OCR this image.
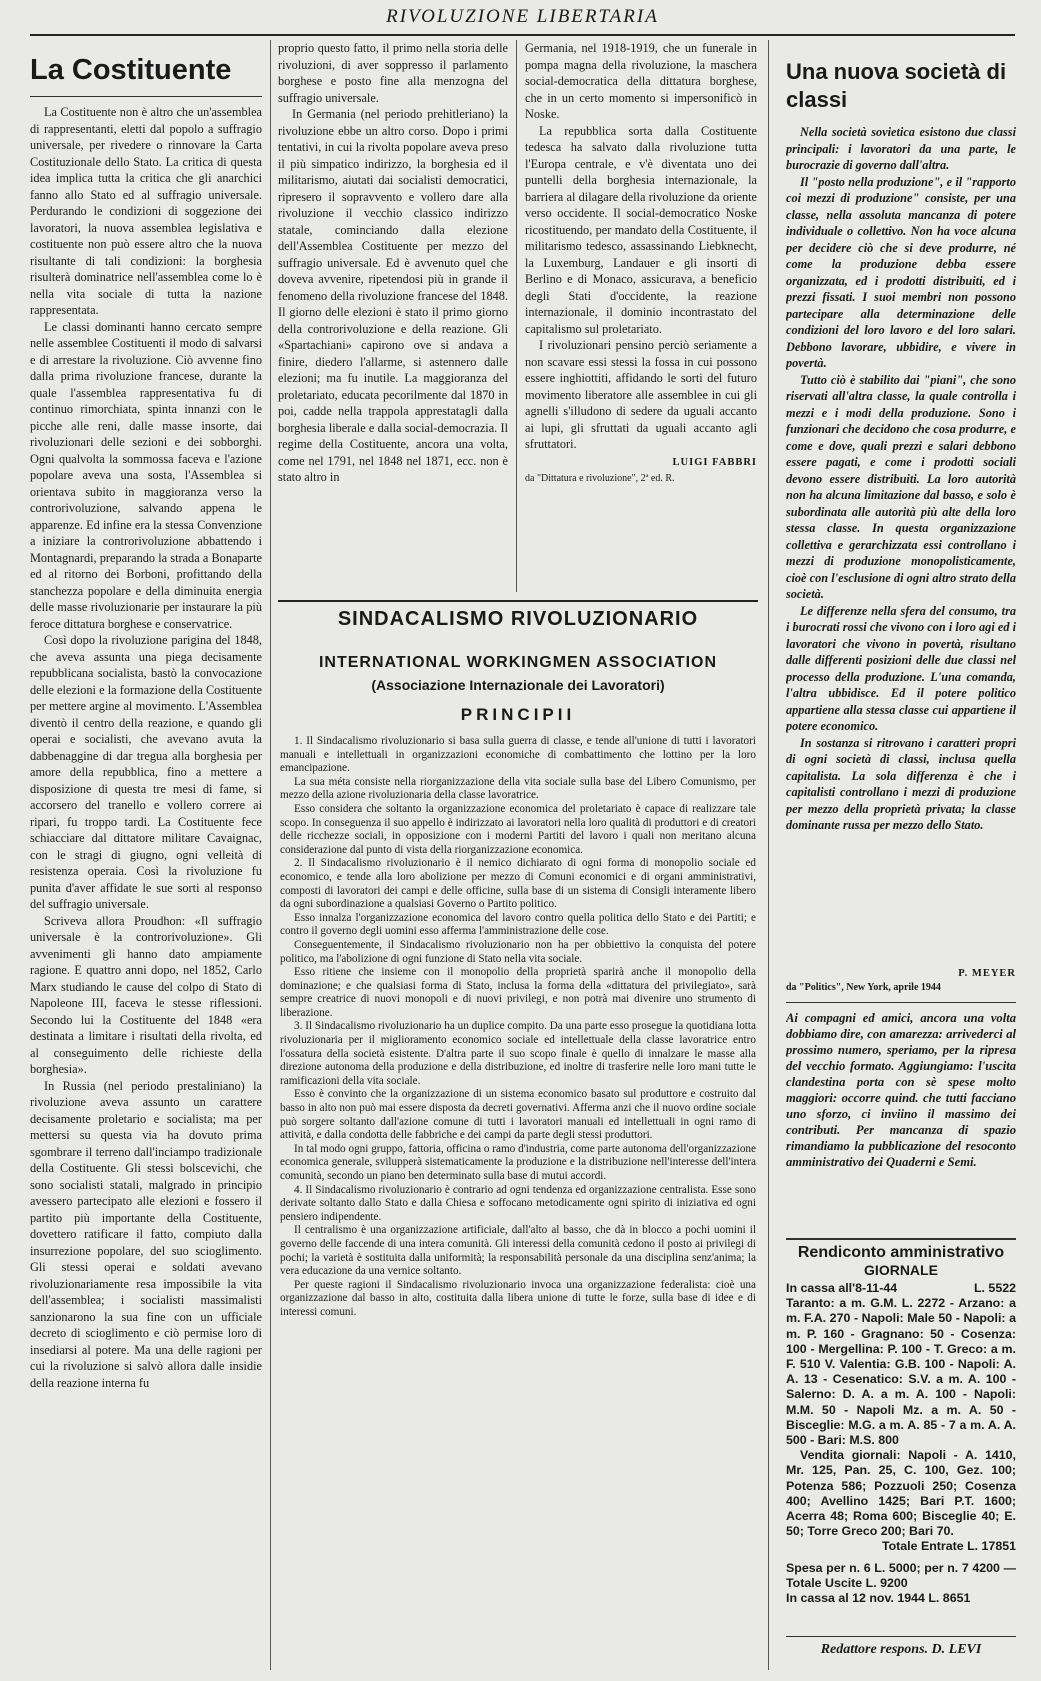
RIVOLUZIONE LIBERTARIA
La Costituente

La Costituente non è altro che un'assemblea di rappresentanti, eletti dal popolo a suffragio universale, per rivedere o rinnovare la Carta Costituzionale dello Stato. La critica di questa idea implica tutta la critica che gli anarchici fanno allo Stato ed al suffragio universale. Perdurando le condizioni di soggezione dei lavoratori, la nuova assemblea legislativa e costituente non può essere altro che la nuova risultante di tali condizioni: la borghesia risulterà dominatrice nell'assemblea come lo è nella vita sociale di tutta la nazione rappresentata.

Le classi dominanti hanno cercato sempre nelle assemblee Costituenti il modo di salvarsi e di arrestare la rivoluzione. Ciò avvenne fino dalla prima rivoluzione francese, durante la quale l'assemblea rappresentativa fu di continuo rimorchiata, spinta innanzi con le picche alle reni, dalle masse insorte, dai rivoluzionari delle sezioni e dei sobborghi. Ogni qualvolta la sommossa faceva e l'azione popolare aveva una sosta, l'Assemblea si orientava subito in maggioranza verso la controrivoluzione, salvando appena le apparenze. Ed infine era la stessa Convenzione a iniziare la controrivoluzione abbattendo i Montagnardi, preparando la strada a Bonaparte ed al ritorno dei Borboni, profittando della stanchezza popolare e della diminuita energia delle masse rivoluzionarie per instaurare la più feroce dittatura borghese e conservatrice.

Così dopo la rivoluzione parigina del 1848, che aveva assunta una piega decisamente repubblicana socialista, bastò la convocazione delle elezioni e la formazione della Costituente per mettere argine al movimento. L'Assemblea diventò il centro della reazione, e quando gli operai e socialisti, che avevano avuta la dabbenaggine di dar tregua alla borghesia per amore della repubblica, fino a mettere a disposizione di questa tre mesi di fame, si accorsero del tranello e vollero correre ai ripari, fu troppo tardi. La Costituente fece schiacciare dal dittatore militare Cavaignac, con le stragi di giugno, ogni velleità di resistenza operaia. Così la rivoluzione fu punita d'aver affidate le sue sorti al responso del suffragio universale.

Scriveva allora Proudhon: «Il suffragio universale è la controrivoluzione». Gli avvenimenti gli hanno dato ampiamente ragione. E quattro anni dopo, nel 1852, Carlo Marx studiando le cause del colpo di Stato di Napoleone III, faceva le stesse riflessioni. Secondo lui la Costituente del 1848 «era destinata a limitare i risultati della rivolta, ed al conseguimento delle richieste della borghesia».

In Russia (nel periodo prestaliniano) la rivoluzione aveva assunto un carattere decisamente proletario e socialista; ma per mettersi su questa via ha dovuto prima sgombrare il terreno dall'inciampo tradizionale della Costituente. Gli stessi bolscevichi, che sono socialisti statali, malgrado in principio avessero partecipato alle elezioni e fossero il partito più importante della Costituente, dovettero ratificare il fatto, compiuto dalla insurrezione popolare, del suo scioglimento. Gli stessi operai e soldati avevano rivoluzionariamente resa impossibile la vita dell'assemblea; i socialisti massimalisti sanzionarono la sua fine con un ufficiale decreto di scioglimento e ciò permise loro di insediarsi al potere. Ma una delle ragioni per cui la rivoluzione si salvò allora dalle insidie della reazione interna fu

proprio questo fatto, il primo nella storia delle rivoluzioni, di aver soppresso il parlamento borghese e posto fine alla menzogna del suffragio universale.

In Germania (nel periodo prehitleriano) la rivoluzione ebbe un altro corso. Dopo i primi tentativi, in cui la rivolta popolare aveva preso il più simpatico indirizzo, la borghesia ed il militarismo, aiutati dai socialisti democratici, ripresero il sopravvento e vollero dare alla rivoluzione il vecchio classico indirizzo statale, cominciando dalla elezione dell'Assemblea Costituente per mezzo del suffragio universale. Ed è avvenuto quel che doveva avvenire, ripetendosi più in grande il fenomeno della rivoluzione francese del 1848. Il giorno delle elezioni è stato il primo giorno della controrivoluzione e della reazione. Gli «Spartachiani» capirono ove si andava a finire, diedero l'allarme, si astennero dalle elezioni; ma fu inutile. La maggioranza del proletariato, educata pecorilmente dal 1870 in poi, cadde nella trappola apprestatagli dalla borghesia liberale e dalla social-democrazia. Il regime della Costituente, ancora una volta, come nel 1791, nel 1848 nel 1871, ecc. non è stato altro in

Germania, nel 1918-1919, che un funerale in pompa magna della rivoluzione, la maschera social-democratica della dittatura borghese, che in un certo momento si impersonificò in Noske.

La repubblica sorta dalla Costituente tedesca ha salvato dalla rivoluzione tutta l'Europa centrale, e v'è diventata uno dei puntelli della borghesia internazionale, la barriera al dilagare della rivoluzione da oriente verso occidente. Il social-democratico Noske ricostituendo, per mandato della Costituente, il militarismo tedesco, assassinando Liebknecht, la Luxemburg, Landauer e gli insorti di Berlino e di Monaco, assicurava, a beneficio degli Stati d'occidente, la reazione internazionale, il dominio incontrastato del capitalismo sul proletariato.

I rivoluzionari pensino perciò seriamente a non scavare essi stessi la fossa in cui possono essere inghiottiti, affidando le sorti del futuro movimento liberatore alle assemblee in cui gli agnelli s'illudono di sedere da uguali accanto ai lupi, gli sfruttati da uguali accanto agli sfruttatori.

LUIGI FABBRI
da "Dittatura e rivoluzione", 2ª ed. R.
SINDACALISMO RIVOLUZIONARIO
INTERNATIONAL WORKINGMEN ASSOCIATION
(Associazione Internazionale dei Lavoratori)
PRINCIPII

1. Il Sindacalismo rivoluzionario si basa sulla guerra di classe, e tende all'unione di tutti i lavoratori manuali e intellettuali in organizzazioni economiche di combattimento che lottino per la loro emancipazione.

La sua méta consiste nella riorganizzazione della vita sociale sulla base del Libero Comunismo, per mezzo della azione rivoluzionaria della classe lavoratrice.

Esso considera che soltanto la organizzazione economica del proletariato è capace di realizzare tale scopo. In conseguenza il suo appello è indirizzato ai lavoratori nella loro qualità di produttori e di creatori delle ricchezze sociali, in opposizione con i moderni Partiti del lavoro i quali non meritano alcuna considerazione dal punto di vista della riorganizzazione economica.

2. Il Sindacalismo rivoluzionario è il nemico dichiarato di ogni forma di monopolio sociale ed economico, e tende alla loro abolizione per mezzo di Comuni economici e di organi amministrativi, composti di lavoratori dei campi e delle officine, sulla base di un sistema di Consigli interamente libero da ogni subordinazione a qualsiasi Governo o Partito politico.

Esso innalza l'organizzazione economica del lavoro contro quella politica dello Stato e dei Partiti; e contro il governo degli uomini esso afferma l'amministrazione delle cose.

Conseguentemente, il Sindacalismo rivoluzionario non ha per obbiettivo la conquista del potere politico, ma l'abolizione di ogni funzione di Stato nella vita sociale.

Esso ritiene che insieme con il monopolio della proprietà sparirà anche il monopolio della dominazione; e che qualsiasi forma di Stato, inclusa la forma della «dittatura del privilegiato», sarà sempre creatrice di nuovi monopoli e di nuovi privilegi, e non potrà mai divenire uno strumento di liberazione.

3. Il Sindacalismo rivoluzionario ha un duplice compito. Da una parte esso prosegue la quotidiana lotta rivoluzionaria per il miglioramento economico sociale ed intellettuale della classe lavoratrice entro l'ossatura della società esistente. D'altra parte il suo scopo finale è quello di innalzare le masse alla direzione autonoma della produzione e della distribuzione, ed inoltre di trasferire nelle loro mani tutte le ramificazioni della vita sociale.

Esso è convinto che la organizzazione di un sistema economico basato sul produttore e costruito dal basso in alto non può mai essere disposta da decreti governativi. Afferma anzi che il nuovo ordine sociale può sorgere soltanto dall'azione comune di tutti i lavoratori manuali ed intellettuali in ogni ramo di attività, e dalla condotta delle fabbriche e dei campi da parte degli stessi produttori.

In tal modo ogni gruppo, fattoria, officina o ramo d'industria, come parte autonoma dell'organizzazione economica generale, svilupperà sistematicamente la produzione e la distribuzione nell'interesse dell'intera comunità, secondo un piano ben determinato sulla base di mutui accordi.

4. Il Sindacalismo rivoluzionario è contrario ad ogni tendenza ed organizzazione centralista. Esse sono derivate soltanto dallo Stato e dalla Chiesa e soffocano metodicamente ogni spirito di iniziativa ed ogni pensiero indipendente.

Il centralismo è una organizzazione artificiale, dall'alto al basso, che dà in blocco a pochi uomini il governo delle faccende di una intera comunità. Gli interessi della comunità cedono il posto ai privilegi di pochi; la varietà è sostituita dalla uniformità; la responsabilità personale da una disciplina senz'anima; la vera educazione da una vernice soltanto.

Per queste ragioni il Sindacalismo rivoluzionario invoca una organizzazione federalista: cioè una organizzazione dal basso in alto, costituita dalla libera unione di tutte le forze, sulla base di idee e di interessi comuni.

Una nuova società di classi

Nella società sovietica esistono due classi principali: i lavoratori da una parte, le burocrazie di governo dall'altra.

Il "posto nella produzione", e il "rapporto coi mezzi di produzione" consiste, per una classe, nella assoluta mancanza di potere individuale o collettivo. Non ha voce alcuna per decidere ciò che si deve produrre, né come la produzione debba essere organizzata, ed i prodotti distribuiti, ed i prezzi fissati. I suoi membri non possono partecipare alla determinazione delle condizioni del loro lavoro e del loro salari. Debbono lavorare, ubbidire, e vivere in povertà.

Tutto ciò è stabilito dai "piani", che sono riservati all'altra classe, la quale controlla i mezzi e i modi della produzione. Sono i funzionari che decidono che cosa produrre, e come e dove, quali prezzi e salari debbono essere pagati, e come i prodotti sociali devono essere distribuiti. La loro autorità non ha alcuna limitazione dal basso, e solo è subordinata alle autorità più alte della loro stessa classe. In questa organizzazione collettiva e gerarchizzata essi controllano i mezzi di produzione monopolisticamente, cioè con l'esclusione di ogni altro strato della società.

Le differenze nella sfera del consumo, tra i burocrati rossi che vivono con i loro agi ed i lavoratori che vivono in povertà, risultano dalle differenti posizioni delle due classi nel processo della produzione. L'una comanda, l'altra ubbidisce. Ed il potere politico appartiene alla stessa classe cui appartiene il potere economico.

In sostanza si ritrovano i caratteri propri di ogni società di classi, inclusa quella capitalista. La sola differenza è che i capitalisti controllano i mezzi di produzione per mezzo della proprietà privata; la classe dominante russa per mezzo dello Stato.

P. MEYER
da "Politics", New York, aprile 1944
Ai compagni ed amici, ancora una volta dobbiamo dire, con amarezza: arrivederci al prossimo numero, speriamo, per la ripresa del vecchio formato. Aggiungiamo: l'uscita clandestina porta con sè spese molto maggiori: occorre quind. che tutti facciano uno sforzo, ci inviino il massimo dei contributi. Per mancanza di spazio rimandiamo la pubblicazione del resoconto amministrativo dei Quaderni e Semi.
Rendiconto amministrativo
GIORNALE
In cassa all'8-11-44	L. 5522
Taranto: a m. G.M. L. 2272 - Arzano: a m. F.A. 270 - Napoli: Male 50 - Napoli: a m. P. 160 - Gragnano: 50 - Cosenza: 100 - Mergellina: P. 100 - T. Greco: a m. F. 510 V. Valentia: G.B. 100 - Napoli: A. A. 13 - Cesenatico: S.V. a m. A. 100 - Salerno: D. A. a m. A. 100 - Napoli: M.M. 50 - Napoli Mz. a m. A. 50 - Bisceglie: M.G. a m. A. 85 - 7 a m. A. A. 500 - Bari: M.S. 800
Vendita giornali: Napoli - A. 1410, Mr. 125, Pan. 25, C. 100, Gez. 100; Potenza 586; Pozzuoli 250; Cosenza 400; Avellino 1425; Bari P.T. 1600; Acerra 48; Roma 600; Bisceglie 40; E. 50; Torre Greco 200; Bari 70.
Totale Entrate L. 17851
Spesa per n. 6 L. 5000; per n. 7 4200 — Totale Uscite L. 9200
In cassa al 12 nov. 1944 L. 8651
Redattore respons. D. LEVI
